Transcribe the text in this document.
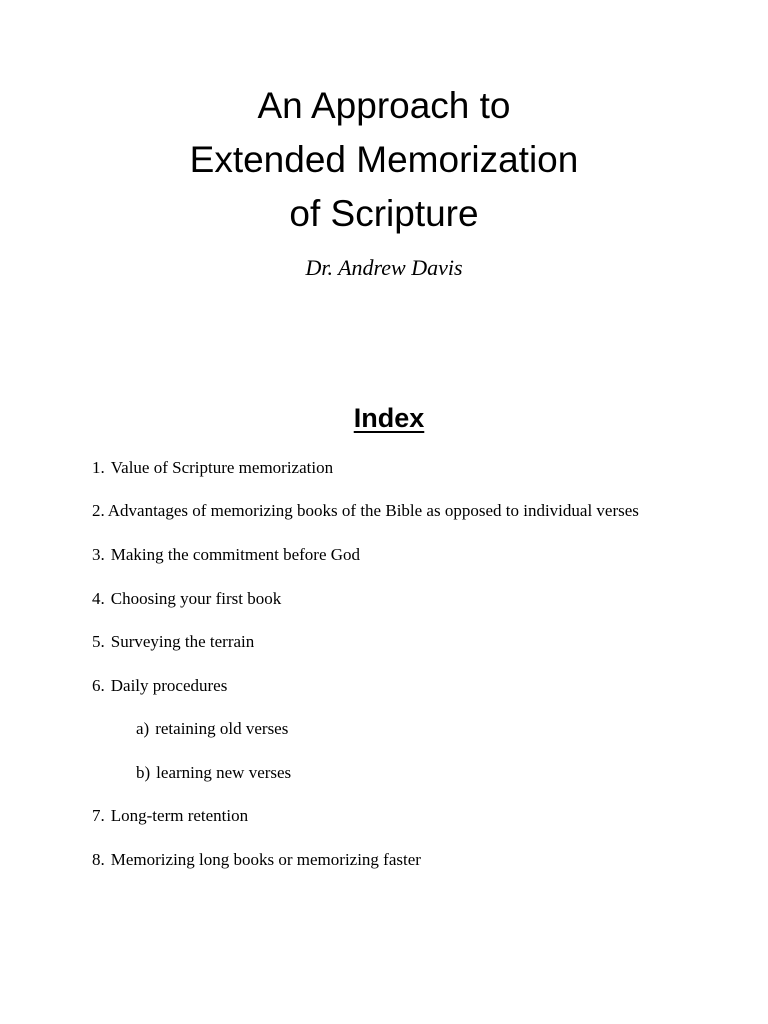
An Approach to
Extended Memorization
of Scripture

Dr. Andrew Davis

Index
1. Value of Scripture memorization
2. Advantages of memorizing books of the Bible as opposed to individual verses
3. Making the commitment before God
4. Choosing your first book
5. Surveying the terrain
6. Daily procedures
a) retaining old verses
b) learning new verses
7. Long-term retention
8. Memorizing long books or memorizing faster
